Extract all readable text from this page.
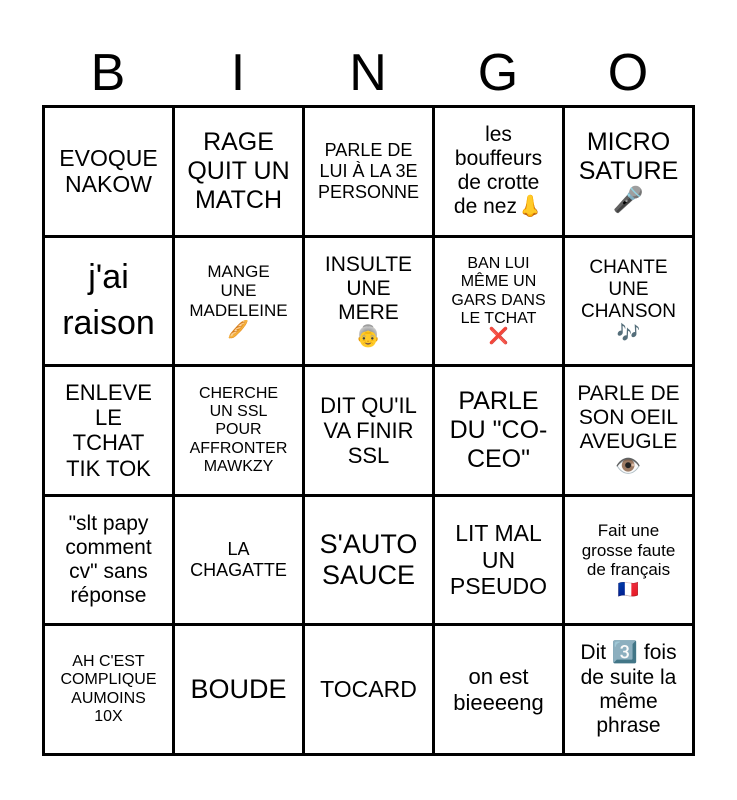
B	I	N	G	O
EVOQUE
NAKOW
RAGE
QUIT UN
MATCH
PARLE DE
LUI À LA 3E
PERSONNE
les
bouffeurs
de crotte
de nez👃
MICRO
SATURE
🎤
j'ai
raison
MANGE
UNE
MADELEINE
🥖
INSULTE
UNE
MERE
👵
BAN LUI
MÊME UN
GARS DANS
LE TCHAT
❌
CHANTE
UNE
CHANSON
🎶
ENLEVE
LE
TCHAT
TIK TOK
CHERCHE
UN SSL
POUR
AFFRONTER
MAWKZY
DIT QU'IL
VA FINIR
SSL
PARLE
DU "CO-
CEO"
PARLE DE
SON OEIL
AVEUGLE
👁️
"slt papy
comment
cv" sans
réponse
LA
CHAGATTE
S'AUTO
SAUCE
LIT MAL
UN
PSEUDO
Fait une
grosse faute
de français
🇫🇷
AH C'EST
COMPLIQUE
AUMOINS
10X
BOUDE	TOCARD	on est
bieeeeng
Dit 3️⃣ fois
de suite la
même
phrase
